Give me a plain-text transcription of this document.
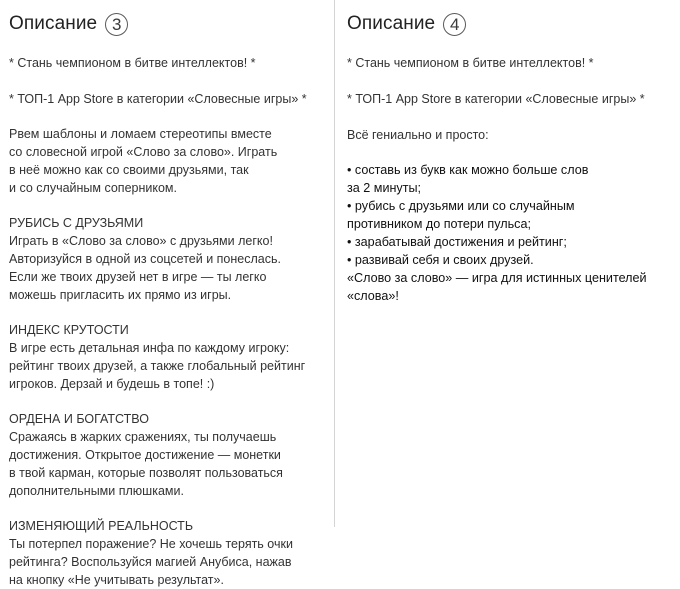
Описание 3
* Стань чемпионом в битве интеллектов! *
* ТОП-1 App Store в категории «Словесные игры» *
Рвем шаблоны и ломаем стереотипы вместе
со словесной игрой «Слово за слово». Играть
в неё можно как со своими друзьями, так
и со случайным соперником.
РУБИСЬ С ДРУЗЬЯМИ
Играть в «Слово за слово» с друзьями легко!
Авторизуйся в одной из соцсетей и понеслась.
Если же твоих друзей нет в игре — ты легко
можешь пригласить их прямо из игры.
ИНДЕКС КРУТОСТИ
В игре есть детальная инфа по каждому игроку:
рейтинг твоих друзей, а также глобальный рейтинг
игроков. Дерзай и будешь в топе! :)
ОРДЕНА И БОГАТСТВО
Сражаясь в жарких сражениях, ты получаешь
достижения. Открытое достижение — монетки
в твой карман, которые позволят пользоваться
дополнительными плюшками.
ИЗМЕНЯЮЩИЙ РЕАЛЬНОСТЬ
Ты потерпел поражение? Не хочешь терять очки
рейтинга? Воспользуйся магией Анубиса, нажав
на кнопку «Не учитывать результат».
Описание 4
* Стань чемпионом в битве интеллектов! *
* ТОП-1 App Store в категории «Словесные игры» *
Всё гениально и просто:
• составь из букв как можно больше слов
за 2 минуты;
• рубись с друзьями или со случайным
противником до потери пульса;
• зарабатывай достижения и рейтинг;
• развивай себя и своих друзей.
«Слово за слово» — игра для истинных ценителей
«слова»!
